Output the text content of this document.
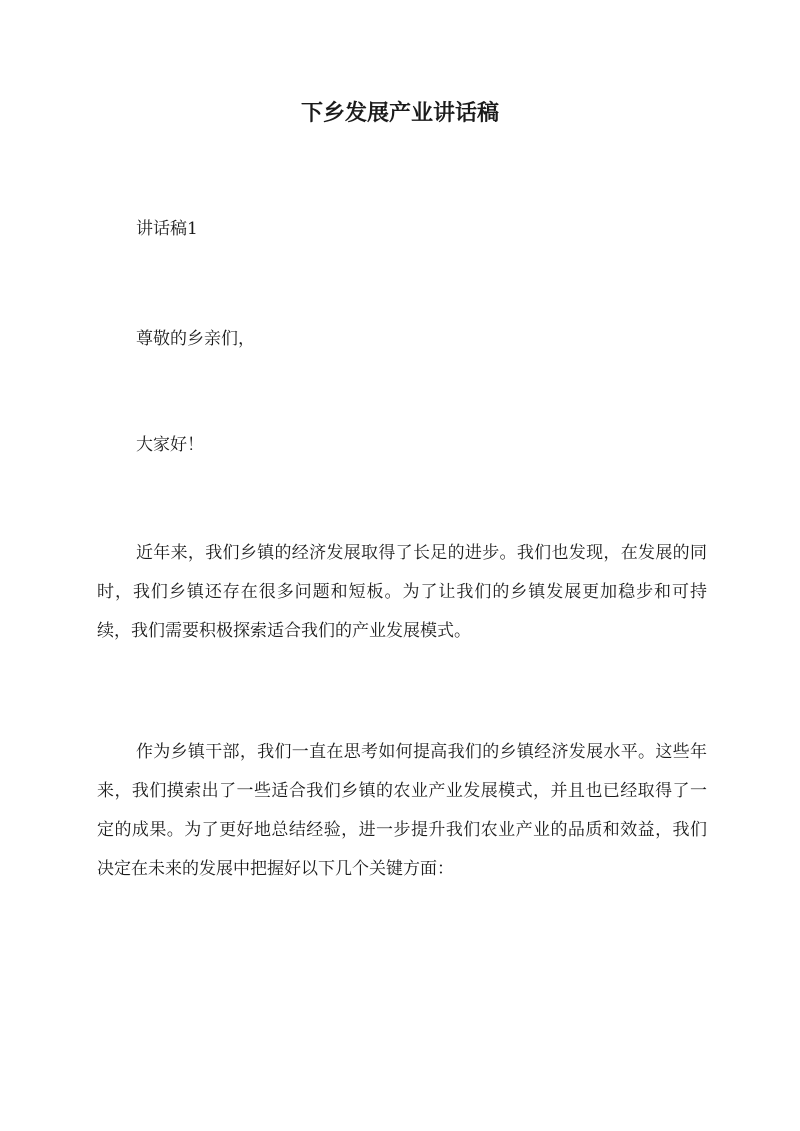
下乡发展产业讲话稿

讲话稿1

尊敬的乡亲们，

大家好！

近年来，我们乡镇的经济发展取得了长足的进步。我们也发现，在发展的同时，我们乡镇还存在很多问题和短板。为了让我们的乡镇发展更加稳步和可持续，我们需要积极探索适合我们的产业发展模式。

作为乡镇干部，我们一直在思考如何提高我们的乡镇经济发展水平。这些年来，我们摸索出了一些适合我们乡镇的农业产业发展模式，并且也已经取得了一定的成果。为了更好地总结经验，进一步提升我们农业产业的品质和效益，我们决定在未来的发展中把握好以下几个关键方面：
